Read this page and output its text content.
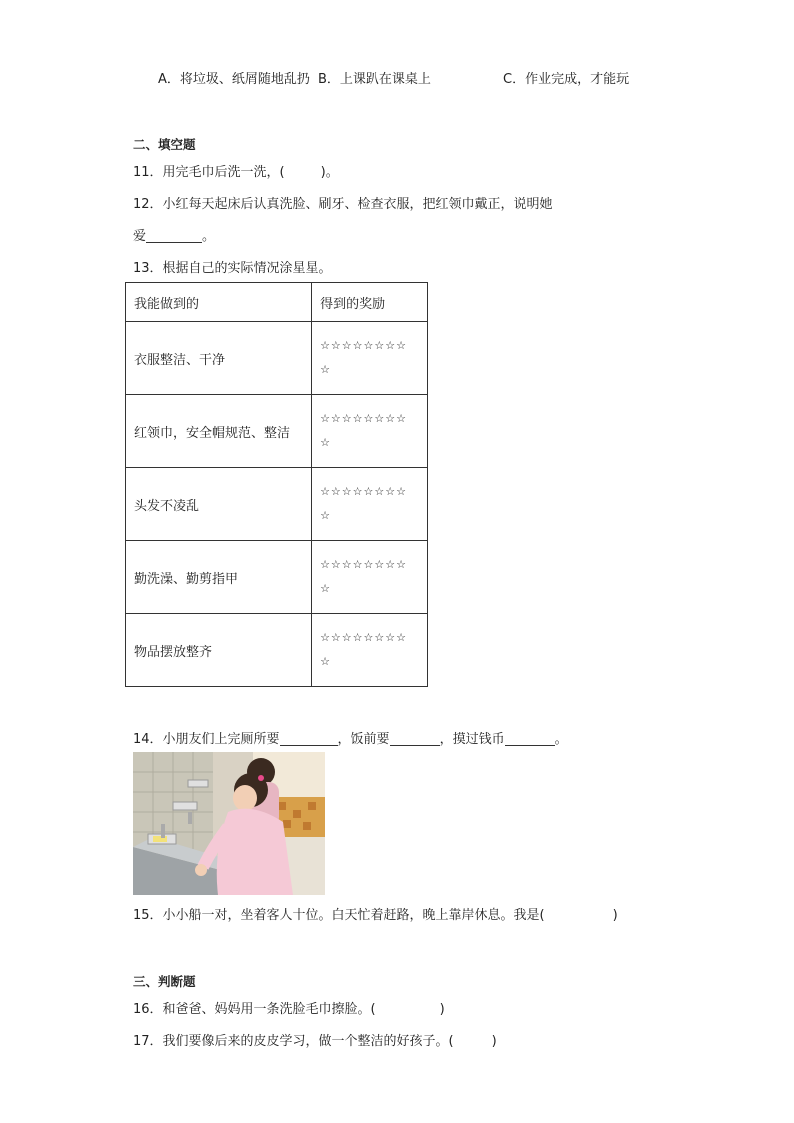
A．将垃圾、纸屑随地乱扔 B．上课趴在课桌上	C．作业完成，才能玩
二、填空题
11．用完毛巾后洗一洗，(	)。
12．小红每天起床后认真洗脸、刷牙、检查衣服，把红领巾戴正，说明她
爱	。
13．根据自己的实际情况涂星星。
我能做到的	得到的奖励
衣服整洁、干净	☆☆☆☆☆☆☆☆
☆

红领巾，安全帽规范、整洁	☆☆☆☆☆☆☆☆
☆

头发不凌乱	☆☆☆☆☆☆☆☆
☆

勤洗澡、勤剪指甲	☆☆☆☆☆☆☆☆
☆

物品摆放整齐	☆☆☆☆☆☆☆☆
☆
14．小朋友们上完厕所要	，饭前要	，摸过钱币	。
15．小小船一对，坐着客人十位。白天忙着赶路，晚上靠岸休息。我是(	)
三、判断题
16．和爸爸、妈妈用一条洗脸毛巾擦脸。(	)
17．我们要像后来的皮皮学习，做一个整洁的好孩子。(	)
